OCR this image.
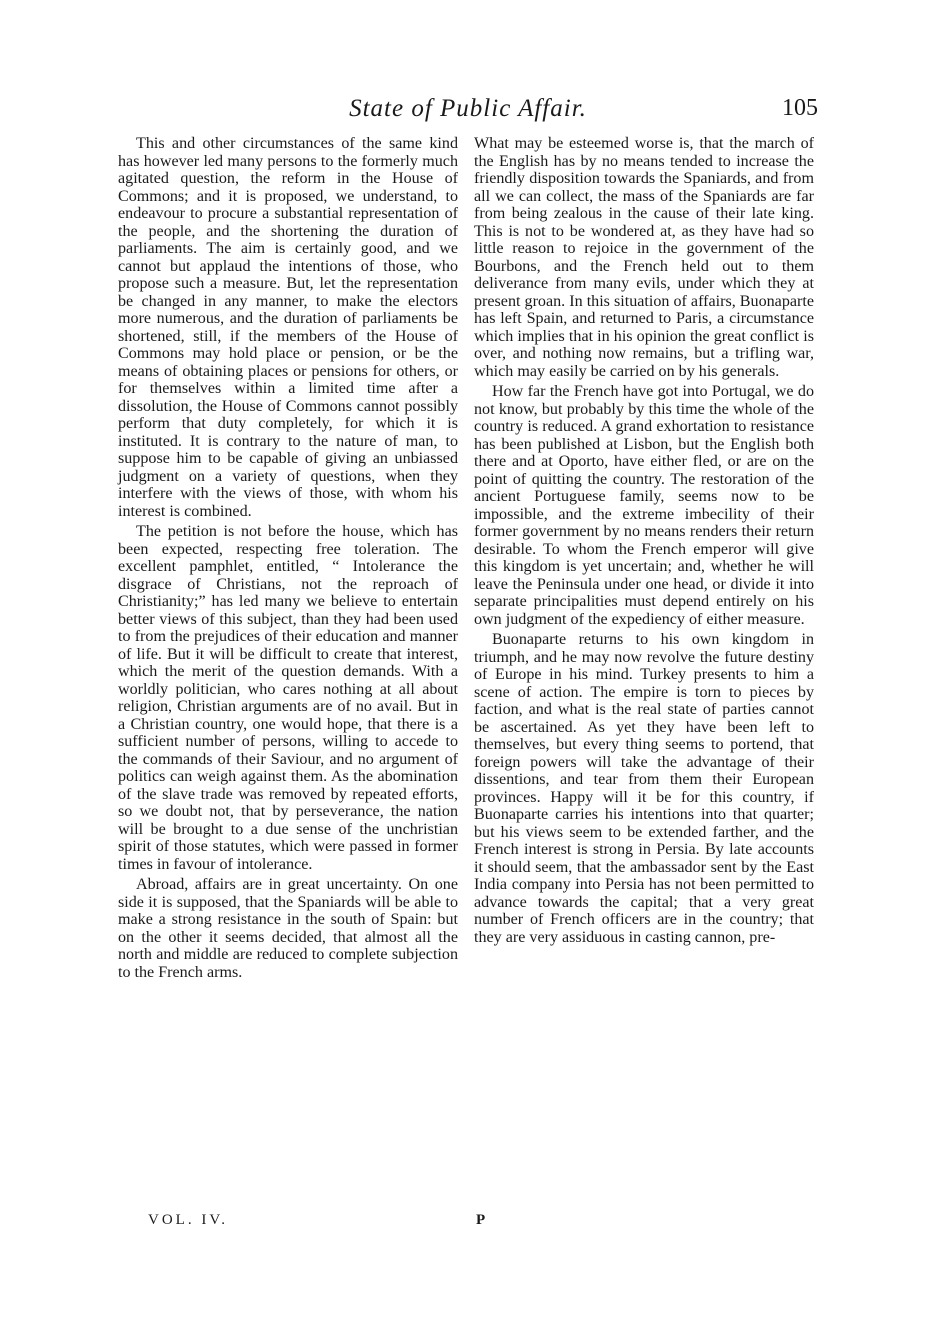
State of Public Affair.	105

This and other circumstances of the same kind has however led many persons to the formerly much agitated question, the reform in the House of Commons; and it is proposed, we understand, to endeavour to procure a substantial representation of the people, and the shortening the duration of parliaments. The aim is certainly good, and we cannot but applaud the intentions of those, who propose such a measure. But, let the representation be changed in any manner, to make the electors more numerous, and the duration of parliaments be shortened, still, if the members of the House of Commons may hold place or pension, or be the means of obtaining places or pensions for others, or for themselves within a limited time after a dissolution, the House of Commons cannot possibly perform that duty completely, for which it is instituted. It is contrary to the nature of man, to suppose him to be capable of giving an unbiassed judgment on a variety of questions, when they interfere with the views of those, with whom his interest is combined.

The petition is not before the house, which has been expected, respecting free toleration. The excellent pamphlet, entitled, “ Intolerance the disgrace of Christians, not the reproach of Christianity;” has led many we believe to entertain better views of this subject, than they had been used to from the prejudices of their education and manner of life. But it will be difficult to create that interest, which the merit of the question demands. With a worldly politician, who cares nothing at all about religion, Christian arguments are of no avail. But in a Christian country, one would hope, that there is a sufficient number of persons, willing to accede to the commands of their Saviour, and no argument of politics can weigh against them. As the abomination of the slave trade was removed by repeated efforts, so we doubt not, that by perseverance, the nation will be brought to a due sense of the unchristian spirit of those statutes, which were passed in former times in favour of intolerance.

Abroad, affairs are in great uncertainty. On one side it is supposed, that the Spaniards will be able to make a strong resistance in the south of Spain: but on the other it seems decided, that almost all the north and middle are reduced to complete subjection to the French arms.

What may be esteemed worse is, that the march of the English has by no means tended to increase the friendly disposition towards the Spaniards, and from all we can collect, the mass of the Spaniards are far from being zealous in the cause of their late king. This is not to be wondered at, as they have had so little reason to rejoice in the government of the Bourbons, and the French held out to them deliverance from many evils, under which they at present groan. In this situation of affairs, Buonaparte has left Spain, and returned to Paris, a circumstance which implies that in his opinion the great conflict is over, and nothing now remains, but a trifling war, which may easily be carried on by his generals.

How far the French have got into Portugal, we do not know, but probably by this time the whole of the country is reduced. A grand exhortation to resistance has been published at Lisbon, but the English both there and at Oporto, have either fled, or are on the point of quitting the country. The restoration of the ancient Portuguese family, seems now to be impossible, and the extreme imbecility of their former government by no means renders their return desirable. To whom the French emperor will give this kingdom is yet uncertain; and, whether he will leave the Peninsula under one head, or divide it into separate principalities must depend entirely on his own judgment of the expediency of either measure.

Buonaparte returns to his own kingdom in triumph, and he may now revolve the future destiny of Europe in his mind. Turkey presents to him a scene of action. The empire is torn to pieces by faction, and what is the real state of parties cannot be ascertained. As yet they have been left to themselves, but every thing seems to portend, that foreign powers will take the advantage of their dissentions, and tear from them their European provinces. Happy will it be for this country, if Buonaparte carries his intentions into that quarter; but his views seem to be extended farther, and the French interest is strong in Persia. By late accounts it should seem, that the ambassador sent by the East India company into Persia has not been permitted to advance towards the capital; that a very great number of French officers are in the country; that they are very assiduous in casting cannon, pre-

VOL. IV.	P
